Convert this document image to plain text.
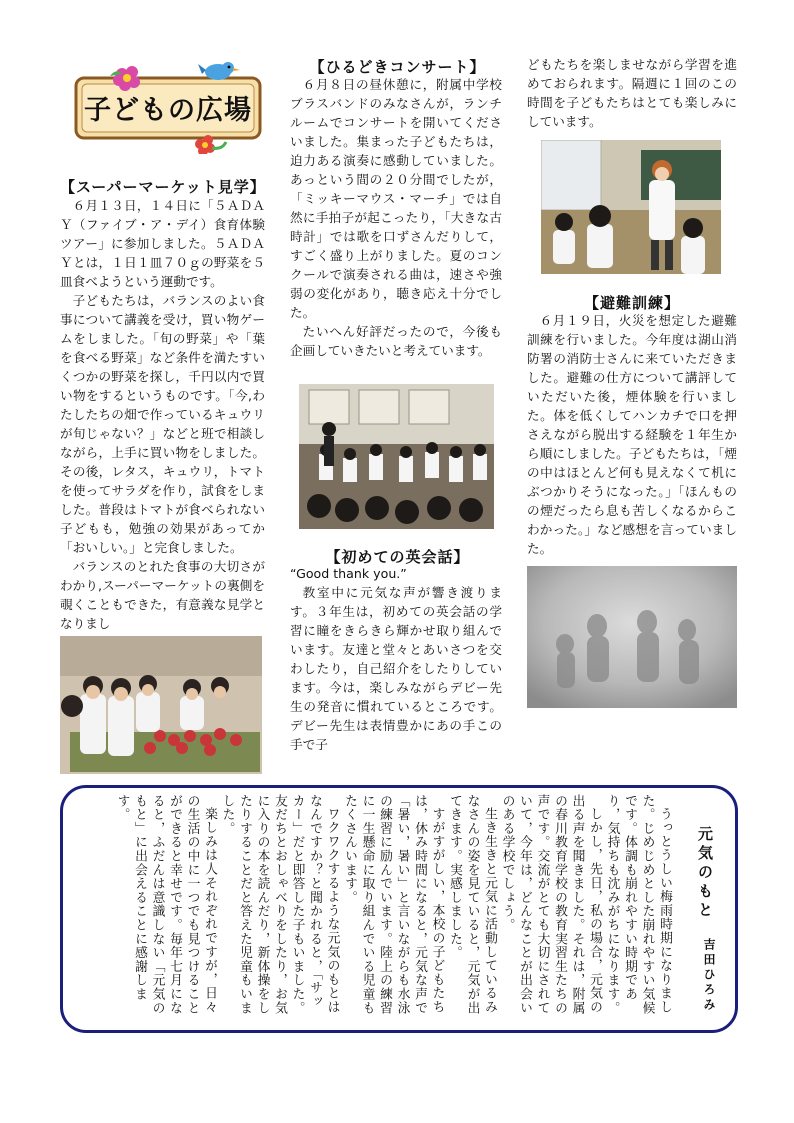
子どもの広場
【スーパーマーケット見学】

６月１３日，１４日に「５ＡＤＡＹ（ファイブ・ア・デイ）食育体験ツアー」に参加しました。５ＡＤＡＹとは，１日１皿７０ｇの野菜を５皿食べようという運動です。

子どもたちは，バランスのよい食事について講義を受け，買い物ゲームをしました。「旬の野菜」や「葉を食べる野菜」など条件を満たすいくつかの野菜を探し，千円以内で買い物をするというものです。「今,わたしたちの畑で作っているキュウリが旬じゃない？」などと班で相談しながら，上手に買い物をしました。その後，レタス，キュウリ，トマトを使ってサラダを作り，試食をしました。普段はトマトが食べられない子どもも，勉強の効果があってか「おいしい。」と完食しました。

バランスのとれた食事の大切さがわかり,スーパーマーケットの裏側を覗くこともできた，有意義な見学となりまし

【ひるどきコンサート】

６月８日の昼休憩に，附属中学校ブラスバンドのみなさんが，ランチルームでコンサートを開いてくださいました。集まった子どもたちは，迫力ある演奏に感動していました。あっという間の２０分間でしたが，「ミッキーマウス・マーチ」では自然に手拍子が起こったり，「大きな古時計」では歌を口ずさんだりして，すごく盛り上がりました。夏のコンクールで演奏される曲は，速さや強弱の変化があり，聴き応え十分でした。

たいへん好評だったので，今後も企画していきたいと考えています。

【初めての英会話】

“Good thank you.”

教室中に元気な声が響き渡ります。３年生は，初めての英会話の学習に瞳をきらきら輝かせ取り組んでいます。友達と堂々とあいさつを交わしたり，自己紹介をしたりしています。今は，楽しみながらデビー先生の発音に慣れているところです。デビー先生は表情豊かにあの手この手で子

どもたちを楽しませながら学習を進めておられます。隔週に１回のこの時間を子どもたちはとても楽しみにしています。

【避難訓練】

６月１９日，火災を想定した避難訓練を行いました。今年度は湖山消防署の消防士さんに来ていただきました。避難の仕方について講評していただいた後，煙体験を行いました。体を低くしてハンカチで口を押さえながら脱出する経験を１年生から順にしました。子どもたちは，「煙の中はほとんど何も見えなくて机にぶつかりそうになった。」「ほんものの煙だったら息も苦しくなるからこわかった。」など感想を言っていました。

元気のもと
吉田ひろみ

うっとうしい梅雨時期になりました。じめじめとした崩れやすい気候です。体調も崩れやすい時期であり，気持ちも沈みがちになります。

しかし，先日，私の場合，元気の出る声を聞きました。それは，附属の春川教育学校の教育実習生たちの声です。交流がとても大切にされていて，今年は，どんなことが出会いのある学校でしょう。

生き生きと元気に活動しているみなさんの姿を見ていると，元気が出てきます。実感しました。

すがすがしい，本校の子どもたちは，休み時間になると，元気な声で「暑い，暑い」と言いながらも水泳の練習に励んでいます。陸上の練習に一生懸命に取り組んでいる児童もたくさんいます。

ワクワクするような元気のもとはなんですか？と聞かれると，「サッカー」だと即答した子もいました。友だちとおしゃべりをしたり，お気に入りの本を読んだり，新体操をしたりすることだと答えた児童もいました。

楽しみは人それぞれですが，日々の生活の中に一つでも見つけることができると幸せです。毎年七月になると，ふだんは意識しない「元気のもと」に出会えることに感謝します。
